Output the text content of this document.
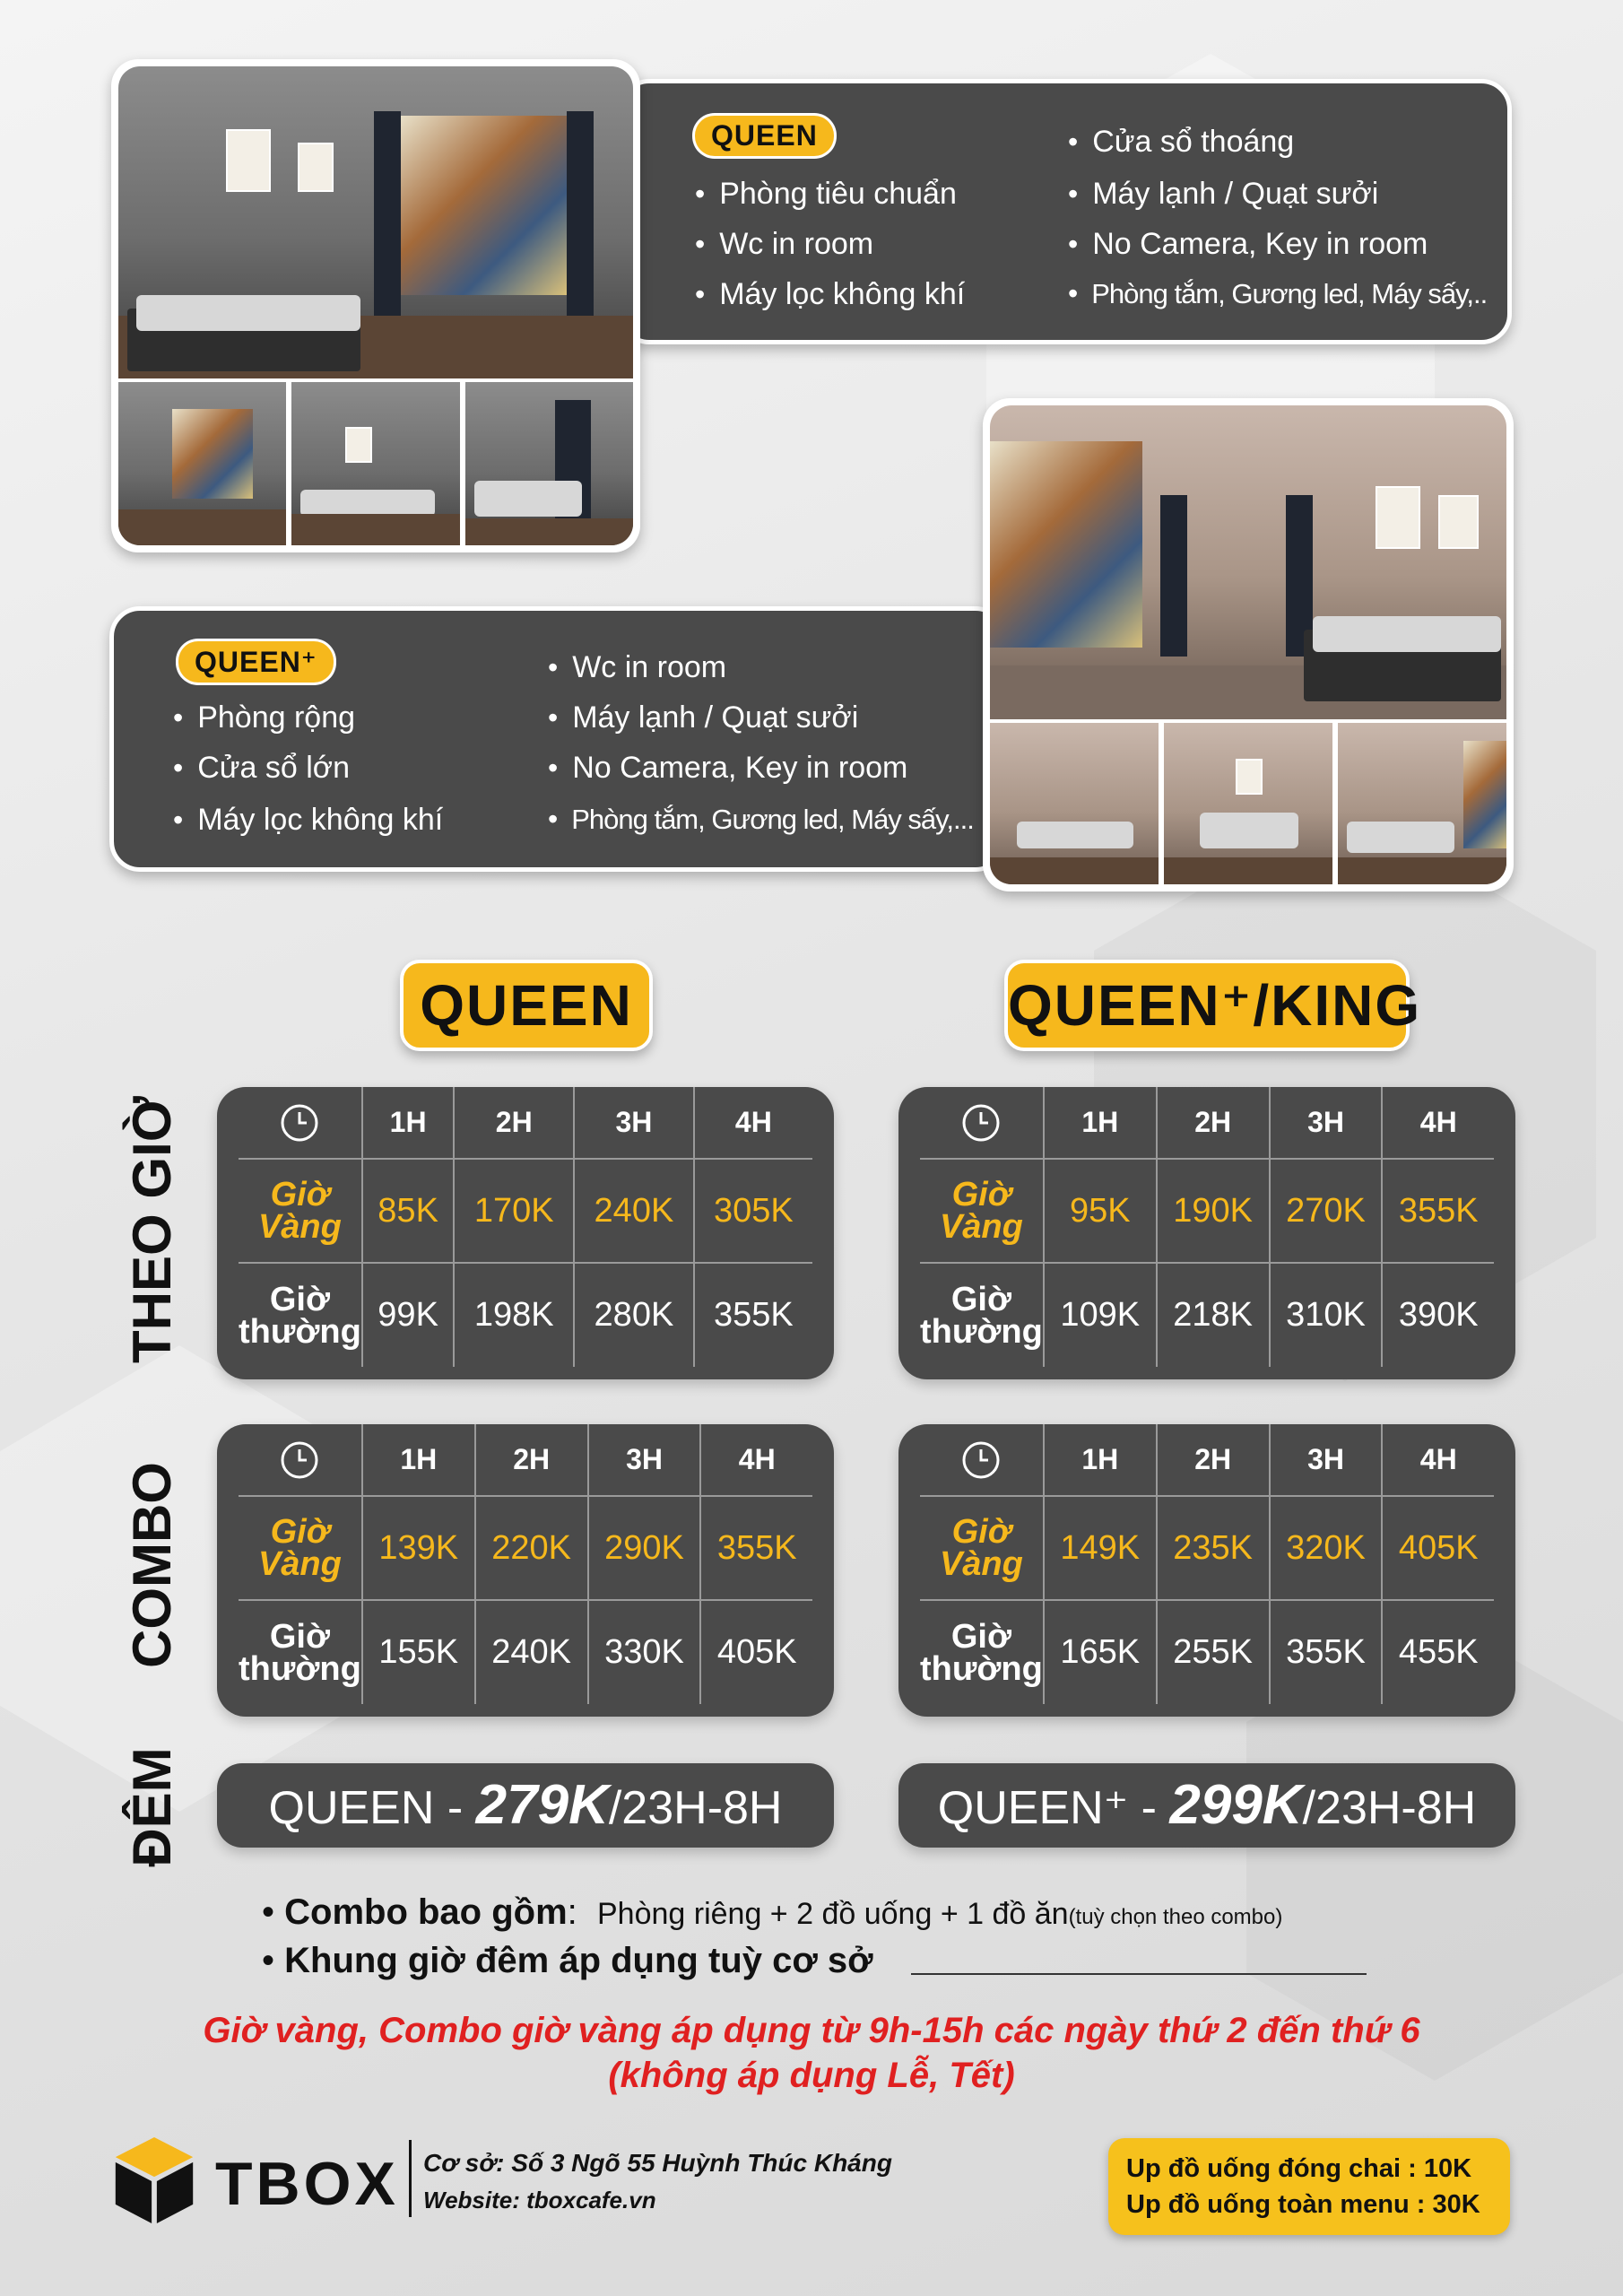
QUEEN
• Phòng tiêu chuẩn
• Wc in room
• Máy lọc không khí
• Cửa sổ thoáng
• Máy lạnh / Quạt sưởi
• No Camera, Key in room
• Phòng tắm, Gương led, Máy sấy,..
QUEEN⁺
• Phòng rộng
• Cửa sổ lớn
• Máy lọc không khí
• Wc in room
• Máy lạnh / Quạt sưởi
• No Camera, Key in room
• Phòng tắm, Gương led, Máy sấy,...
QUEEN	QUEEN⁺/KING
THEO GIỜ
COMBO
ĐÊM
	1H	2H	3H	4H
Giờ
Vàng	85K	170K	240K	305K
Giờ
thường	99K	198K	280K	355K
	1H	2H	3H	4H
Giờ
Vàng	95K	190K	270K	355K
Giờ
thường	109K	218K	310K	390K
	1H	2H	3H	4H
Giờ
Vàng	139K	220K	290K	355K
Giờ
thường	155K	240K	330K	405K
	1H	2H	3H	4H
Giờ
Vàng	149K	235K	320K	405K
Giờ
thường	165K	255K	355K	455K
QUEEN - 279K/23H-8H	QUEEN⁺ - 299K/23H-8H
• Combo bao gồm:  Phòng riêng + 2 đồ uống + 1 đồ ăn(tuỳ chọn theo combo)
• Khung giờ đêm áp dụng tuỳ cơ sở
Giờ vàng, Combo giờ vàng áp dụng từ 9h-15h các ngày thứ 2 đến thứ 6
(không áp dụng Lễ, Tết)
TBOX Cơ sở: Số 3 Ngõ 55 Huỳnh Thúc Kháng
Website: tboxcafe.vn
Up đồ uống đóng chai : 10K
Up đồ uống toàn menu : 30K
